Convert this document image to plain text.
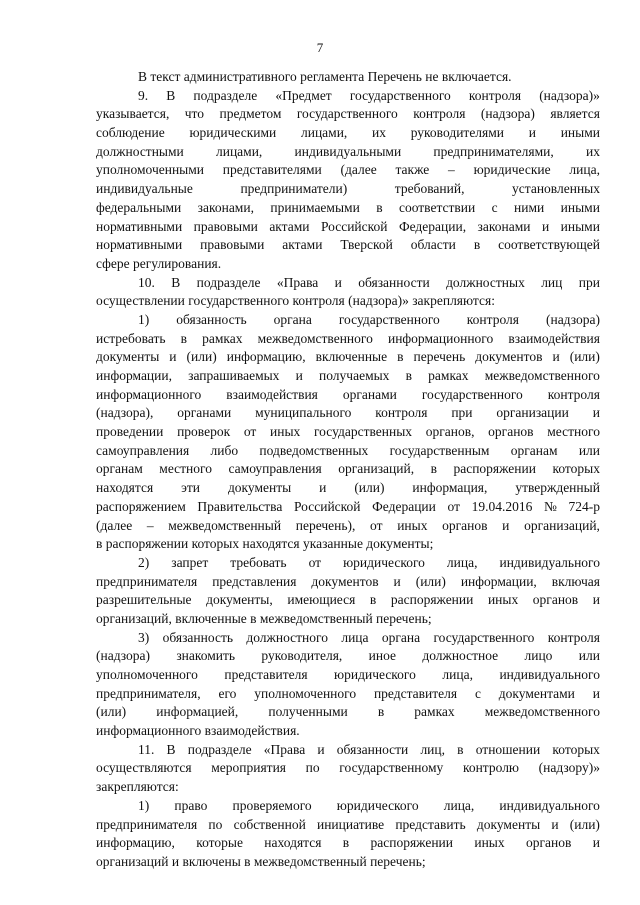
7
В текст административного регламента Перечень не включается.
9. В подразделе «Предмет государственного контроля (надзора)»
указывается, что предметом государственного контроля (надзора) является
соблюдение юридическими лицами, их руководителями и иными
должностными лицами, индивидуальными предпринимателями, их
уполномоченными представителями (далее также – юридические лица,
индивидуальные	предприниматели)	требований,	установленных
федеральными законами, принимаемыми в соответствии с ними иными
нормативными правовыми актами Российской Федерации, законами и иными
нормативными правовыми актами Тверской области в соответствующей
сфере регулирования.
10. В подразделе «Права и обязанности должностных лиц при
осуществлении государственного контроля (надзора)» закрепляются:
1) обязанность органа государственного контроля (надзора)
истребовать в рамках межведомственного информационного взаимодействия
документы и (или) информацию, включенные в перечень документов и (или)
информации, запрашиваемых и получаемых в рамках межведомственного
информационного взаимодействия органами государственного контроля
(надзора), органами муниципального контроля при организации и
проведении проверок от иных государственных органов, органов местного
самоуправления либо подведомственных государственным органам или
органам местного самоуправления организаций, в распоряжении которых
находятся эти документы и (или) информация, утвержденный
распоряжением Правительства Российской Федерации от 19.04.2016 № 724-р
(далее – межведомственный перечень), от иных органов и организаций,
в распоряжении которых находятся указанные документы;
2) запрет требовать от юридического лица, индивидуального
предпринимателя представления документов и (или) информации, включая
разрешительные документы, имеющиеся в распоряжении иных органов и
организаций, включенные в межведомственный перечень;
3) обязанность должностного лица органа государственного контроля
(надзора) знакомить руководителя, иное должностное лицо или
уполномоченного представителя юридического лица, индивидуального
предпринимателя, его уполномоченного представителя с документами и
(или) информацией, полученными в рамках межведомственного
информационного взаимодействия.
11. В подразделе «Права и обязанности лиц, в отношении которых
осуществляются мероприятия по государственному контролю (надзору)»
закрепляются:
1) право проверяемого юридического лица, индивидуального
предпринимателя по собственной инициативе представить документы и (или)
информацию, которые находятся в распоряжении иных органов и
организаций и включены в межведомственный перечень;
